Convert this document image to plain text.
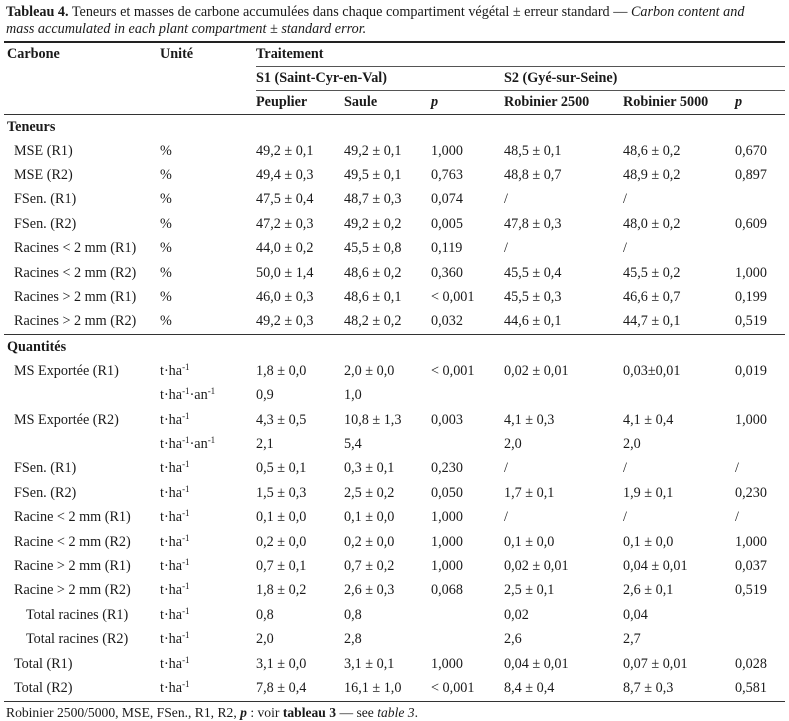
Tableau 4. Teneurs et masses de carbone accumulées dans chaque compartiment végétal ± erreur standard — Carbon content and mass accumulated in each plant compartment ± standard error.
Carbone	Unité	Traitement					
		S1 (Saint-Cyr-en-Val)			S2 (Gyé-sur-Seine)		
		Peuplier	Saule	p	Robinier 2500	Robinier 5000	p
Teneurs							
MSE (R1)	%	49,2 ± 0,1	49,2 ± 0,1	1,000	48,5 ± 0,1	48,6 ± 0,2	0,670
MSE (R2)	%	49,4 ± 0,3	49,5 ± 0,1	0,763	48,8 ± 0,7	48,9 ± 0,2	0,897
FSen. (R1)	%	47,5 ± 0,4	48,7 ± 0,3	0,074	/	/	
FSen. (R2)	%	47,2 ± 0,3	49,2 ± 0,2	0,005	47,8 ± 0,3	48,0 ± 0,2	0,609
Racines < 2 mm (R1)	%	44,0 ± 0,2	45,5 ± 0,8	0,119	/	/	
Racines < 2 mm (R2)	%	50,0 ± 1,4	48,6 ± 0,2	0,360	45,5 ± 0,4	45,5 ± 0,2	1,000
Racines > 2 mm (R1)	%	46,0 ± 0,3	48,6 ± 0,1	< 0,001	45,5 ± 0,3	46,6 ± 0,7	0,199
Racines > 2 mm (R2)	%	49,2 ± 0,3	48,2 ± 0,2	0,032	44,6 ± 0,1	44,7 ± 0,1	0,519
Quantités							
MS Exportée (R1)	$t\cdot ha^{-1}$	1,8 ± 0,0	2,0 ± 0,0	< 0,001	0,02 ± 0,01	0,03±0,01	0,019
	$t\cdot ha^{-1}\cdot an^{-1}$	0,9	1,0				
MS Exportée (R2)	$t\cdot ha^{-1}$	4,3 ± 0,5	10,8 ± 1,3	0,003	4,1 ± 0,3	4,1 ± 0,4	1,000
	$t\cdot ha^{-1}\cdot an^{-1}$	2,1	5,4		2,0	2,0	
FSen. (R1)	$t\cdot ha^{-1}$	0,5 ± 0,1	0,3 ± 0,1	0,230	/	/	/
FSen. (R2)	$t\cdot ha^{-1}$	1,5 ± 0,3	2,5 ± 0,2	0,050	1,7 ± 0,1	1,9 ± 0,1	0,230
Racine < 2 mm (R1)	$t\cdot ha^{-1}$	0,1 ± 0,0	0,1 ± 0,0	1,000	/	/	/
Racine < 2 mm (R2)	$t\cdot ha^{-1}$	0,2 ± 0,0	0,2 ± 0,0	1,000	0,1 ± 0,0	0,1 ± 0,0	1,000
Racine > 2 mm (R1)	$t\cdot ha^{-1}$	0,7 ± 0,1	0,7 ± 0,2	1,000	0,02 ± 0,01	0,04 ± 0,01	0,037
Racine > 2 mm (R2)	$t\cdot ha^{-1}$	1,8 ± 0,2	2,6 ± 0,3	0,068	2,5 ± 0,1	2,6 ± 0,1	0,519
Total racines (R1)	$t\cdot ha^{-1}$	0,8	0,8		0,02	0,04	
Total racines (R2)	$t\cdot ha^{-1}$	2,0	2,8		2,6	2,7	
Total (R1)	$t\cdot ha^{-1}$	3,1 ± 0,0	3,1 ± 0,1	1,000	0,04 ± 0,01	0,07 ± 0,01	0,028
Total (R2)	$t\cdot ha^{-1}$	7,8 ± 0,4	16,1 ± 1,0	< 0,001	8,4 ± 0,4	8,7 ± 0,3	0,581
Robinier 2500/5000, MSE, FSen., R1, R2, p : voir tableau 3 — see table 3.
